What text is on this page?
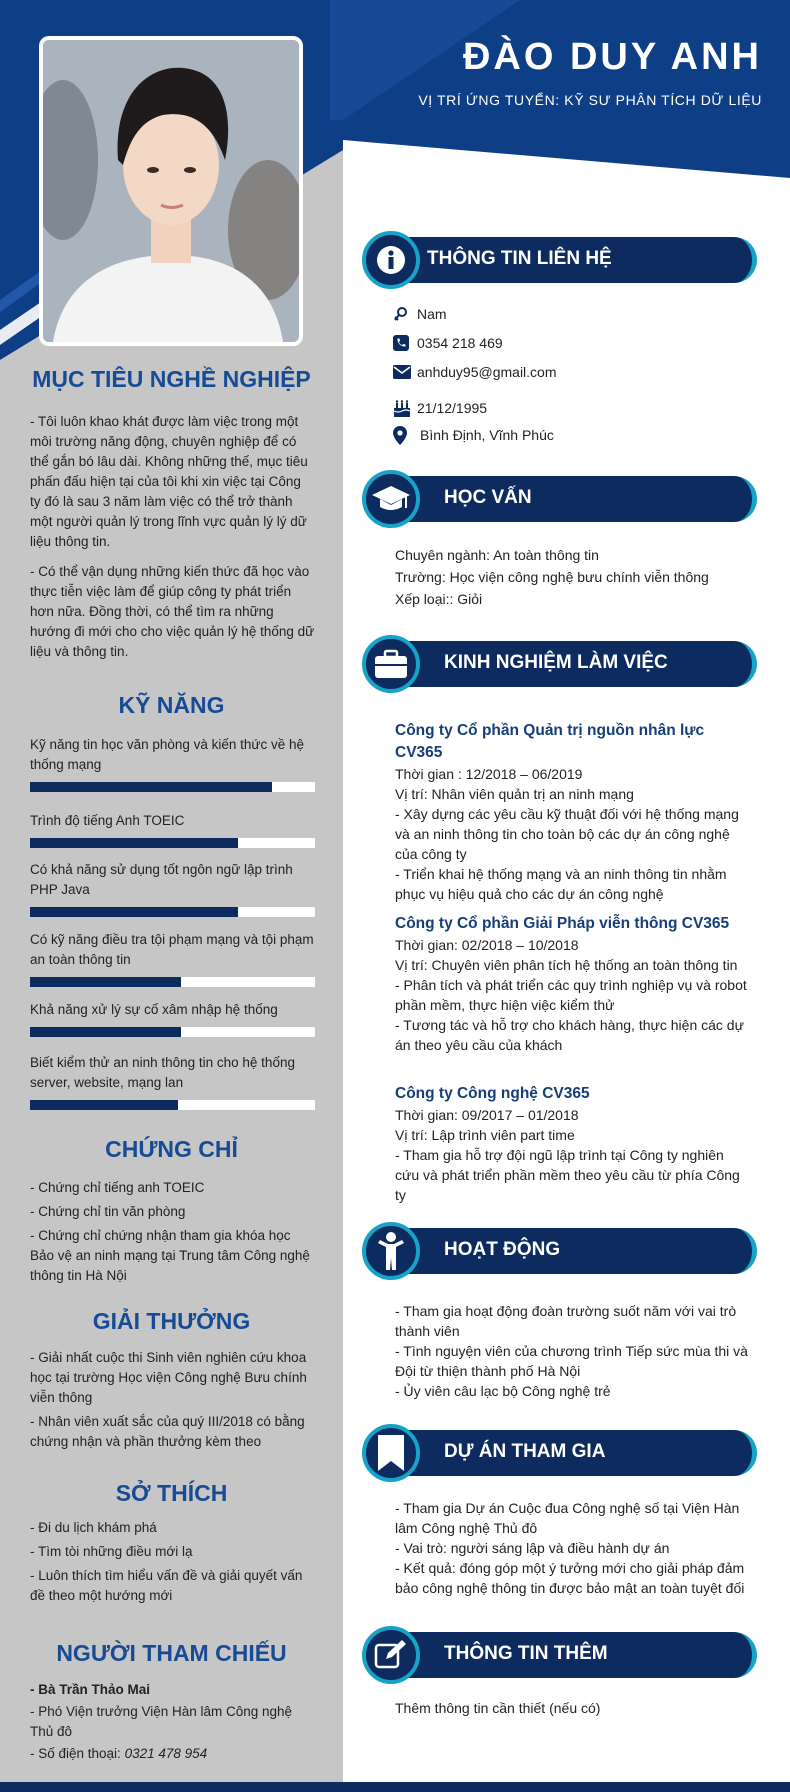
ĐÀO DUY ANH
VỊ TRÍ ỨNG TUYỂN: KỸ SƯ PHÂN TÍCH DỮ LIỆU
MỤC TIÊU NGHỀ NGHIỆP

- Tôi luôn khao khát được làm việc trong một môi trường năng động, chuyên nghiệp để có thể gắn bó lâu dài. Không những thế, mục tiêu phấn đấu hiện tại của tôi khi xin việc tại Công ty đó là sau 3 năm làm việc có thể trở thành một người quản lý trong lĩnh vực quản lý lý dữ liệu thông tin.

- Có thể vận dụng những kiến thức đã học vào thực tiễn việc làm để giúp công ty phát triển hơn nữa. Đồng thời, có thể tìm ra những hướng đi mới cho cho việc quản lý hệ thống dữ liệu và thông tin.

KỸ NĂNG
Kỹ năng tin học văn phòng và kiến thức về hệ thống mạng
Trình độ tiếng Anh TOEIC
Có khả năng sử dụng tốt ngôn ngữ lập trình PHP Java
Có kỹ năng điều tra tội phạm mạng và tội phạm an toàn thông tin
Khả năng xử lý sự cố xâm nhập hệ thống
Biết kiểm thử an ninh thông tin cho hệ thống server, website, mạng lan
CHỨNG CHỈ
- Chứng chỉ tiếng anh TOEIC
- Chứng chỉ tin văn phòng
- Chứng chỉ chứng nhận tham gia khóa học Bảo vệ an ninh mạng tại Trung tâm Công nghệ thông tin Hà Nội
GIẢI THƯỞNG
- Giải nhất cuộc thi Sinh viên nghiên cứu khoa học tại trường Học viện Công nghệ Bưu chính viễn thông
- Nhân viên xuất sắc của quý III/2018 có bằng chứng nhận và phần thưởng kèm theo
SỞ THÍCH
- Đi du lịch khám phá
- Tìm tòi những điều mới lạ
- Luôn thích tìm hiểu vấn đề và giải quyết vấn đề theo một hướng mới
NGƯỜI THAM CHIẾU
- Bà Trần Thảo Mai
- Phó Viện trưởng Viện Hàn lâm Công nghệ Thủ đô
- Số điện thoại: 0321 478 954
THÔNG TIN LIÊN HỆ
Nam
0354 218 469
anhduy95@gmail.com
21/12/1995
Bình Định, Vĩnh Phúc
HỌC VẤN
Chuyên ngành: An toàn thông tin
Trường: Học viện công nghệ bưu chính viễn thông
Xếp loại:: Giỏi
KINH NGHIỆM LÀM VIỆC
Công ty Cổ phần Quản trị nguồn nhân lực CV365
Thời gian : 12/2018 – 06/2019
Vị trí: Nhân viên quản trị an ninh mạng
- Xây dựng các yêu cầu kỹ thuật đối với hệ thống mạng và an ninh thông tin cho toàn bộ các dự án công nghệ của công ty
- Triển khai hệ thống mạng và an ninh thông tin nhằm phục vụ hiệu quả cho các dự án công nghệ
Công ty Cổ phần Giải Pháp viễn thông CV365
Thời gian: 02/2018 – 10/2018
Vị trí: Chuyên viên phân tích hệ thống an toàn thông tin
- Phân tích và phát triển các quy trình nghiệp vụ và robot phần mềm, thực hiện việc kiểm thử
- Tương tác và hỗ trợ cho khách hàng, thực hiện các dự án theo yêu cầu của khách
Công ty Công nghệ CV365
Thời gian: 09/2017 – 01/2018
Vị trí: Lập trình viên part time
- Tham gia hỗ trợ đội ngũ lập trình tại Công ty nghiên cứu và phát triển phần mềm theo yêu cầu từ phía Công ty
HOẠT ĐỘNG
- Tham gia hoạt động đoàn trường suốt năm với vai trò thành viên
- Tình nguyện viên của chương trình Tiếp sức mùa thi và Đội từ thiện thành phố Hà Nội
- Ủy viên câu lạc bộ Công nghệ trẻ
DỰ ÁN THAM GIA
- Tham gia Dự án Cuộc đua Công nghệ số tại Viện Hàn lâm Công nghệ Thủ đô
- Vai trò: người sáng lập và điều hành dự án
- Kết quả: đóng góp một ý tưởng mới cho giải pháp đảm bảo công nghệ thông tin được bảo mật an toàn tuyệt đối
THÔNG TIN THÊM
Thêm thông tin cần thiết (nếu có)
